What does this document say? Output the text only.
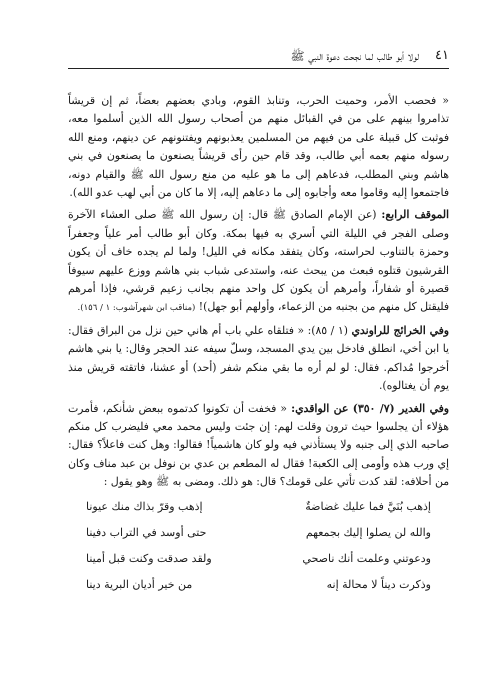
٤١
لولا أبو طالب لما نجحت دعوة النبي ﷺ

« فحصب الأمر، وحميت الحرب، وتنابذ القوم، وبادي بعضهم بعضاً، ثم إن قريشاً تذامروا بينهم على من في القبائل منهم من أصحاب رسول الله الذين أسلموا معه، فوثبت كل قبيلة على من فيهم من المسلمين يعذبونهم ويفتنونهم عن دينهم، ومنع الله رسوله منهم بعمه أبي طالب، وقد قام حين رأى قريشاً يصنعون ما يصنعون في بني هاشم وبني المطلب، فدعاهم إلى ما هو عليه من منع رسول الله ﷺ والقيام دونه، فاجتمعوا إليه وقاموا معه وأجابوه إلى ما دعاهم إليه، إلا ما كان من أبي لهب عدو الله).

الموقف الرابع: (عن الإمام الصادق ﷺ قال: إن رسول الله ﷺ صلى العشاء الآخرة وصلى الفجر في الليلة التي أسري به فيها بمكة. وكان أبو طالب أمر علياً وجعفراً وحمزة بالتناوب لحراسته، وكان يتفقد مكانه في الليل! ولما لم يجده خاف أن يكون القرشيون قتلوه فبعث من يبحث عنه، واستدعى شباب بني هاشم ووزع عليهم سيوفاً قصيرة أو شفاراً، وأمرهم أن يكون كل واحد منهم بجانب زعيم قرشي، فإذا أمرهم فليقتل كل منهم من بجنبه من الزعماء، وأولهم أبو جهل)! (مناقب ابن شهرآشوب: ١ / ١٥٦).

وفي الخرائج للراوندي (١ / ٨٥): « فتلقاه علي باب أم هاني حين نزل من البراق فقال: يا ابن أخي، انطلق فادخل بين يدي المسجد، وسلّ سيفه عند الحجر وقال: يا بني هاشم أخرجوا مُداكم. فقال: لو لم أره ما بقي منكم شفر (أحد) أو عشنا، فاتقته قريش منذ يوم أن يغتالوه).

وفي الغدير (٧/ ٣٥٠) عن الواقدي: « فخفت أن تكونوا كدتموه ببعض شأنكم، فأمرت هؤلاء أن يجلسوا حيث ترون وقلت لهم: إن جئت وليس محمد معي فليضرب كل منكم صاحبه الذي إلى جنبه ولا يستأذني فيه ولو كان هاشمياً! فقالوا: وهل كنت فاعلاً؟ فقال: إي ورب هذه وأومى إلى الكعبة! فقال له المطعم بن عدي بن نوفل بن عبد مناف وكان من أحلافه: لقد كدت تأتي على قومك؟ قال: هو ذلك. ومضى به ﷺ وهو يقول :

إذهب بُنَيَّ فما عليك غضاضةٌ
إذهب وقرّ بذاك منك عيونا
والله لن يصلوا إليك بجمعهم
حتى أوسد في التراب دفينا
ودعوتني وعلمت أنك ناصحي
ولقد صدقت وكنت قبل أمينا
وذكرت ديناً لا محالة إنه
من خير أديان البرية دينا
